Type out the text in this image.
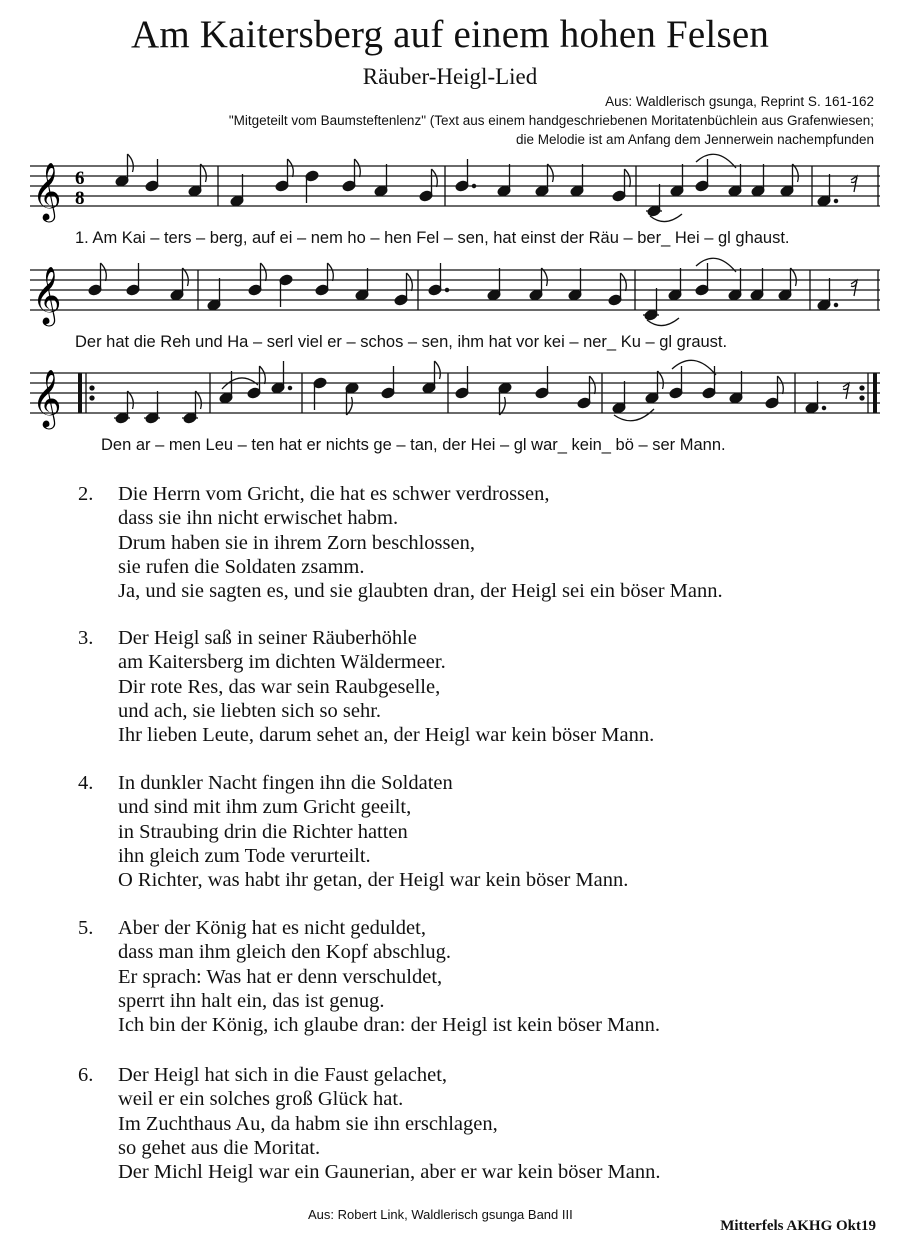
Am Kaitersberg auf einem hohen Felsen
Räuber-Heigl-Lied
Aus: Waldlerisch gsunga, Reprint S. 161-162
"Mitgeteilt vom Baumsteftenlenz" (Text aus einem handgeschriebenen Moritatenbüchlein aus Grafenwiesen;
die Melodie ist am Anfang dem Jennerwein nachempfunden
𝄞 6
8
1. Am Kai – ters – berg, auf ei – nem ho – hen Fel – sen, hat einst der Räu – ber_ Hei – gl ghaust.
𝄞
Der hat die Reh und Ha – serl viel er – schos – sen, ihm hat vor kei – ner_ Ku – gl graust.
𝄞
Den ar – men Leu – ten hat er nichts ge – tan, der Hei – gl war_ kein_ bö – ser Mann.
2. Die Herrn vom Gricht, die hat es schwer verdrossen,
dass sie ihn nicht erwischet habm.
Drum haben sie in ihrem Zorn beschlossen,
sie rufen die Soldaten zsamm.
Ja, und sie sagten es, und sie glaubten dran, der Heigl sei ein böser Mann.
3. Der Heigl saß in seiner Räuberhöhle
am Kaitersberg im dichten Wäldermeer.
Dir rote Res, das war sein Raubgeselle,
und ach, sie liebten sich so sehr.
Ihr lieben Leute, darum sehet an, der Heigl war kein böser Mann.
4. In dunkler Nacht fingen ihn die Soldaten
und sind mit ihm zum Gricht geeilt,
in Straubing drin die Richter hatten
ihn gleich zum Tode verurteilt.
O Richter, was habt ihr getan, der Heigl war kein böser Mann.
5. Aber der König hat es nicht geduldet,
dass man ihm gleich den Kopf abschlug.
Er sprach: Was hat er denn verschuldet,
sperrt ihn halt ein, das ist genug.
Ich bin der König, ich glaube dran: der Heigl ist kein böser Mann.
6. Der Heigl hat sich in die Faust gelachet,
weil er ein solches groß Glück hat.
Im Zuchthaus Au, da habm sie ihn erschlagen,
so gehet aus die Moritat.
Der Michl Heigl war ein Gaunerian, aber er war kein böser Mann.
Aus: Robert Link, Waldlerisch gsunga Band III
Mitterfels AKHG Okt19
